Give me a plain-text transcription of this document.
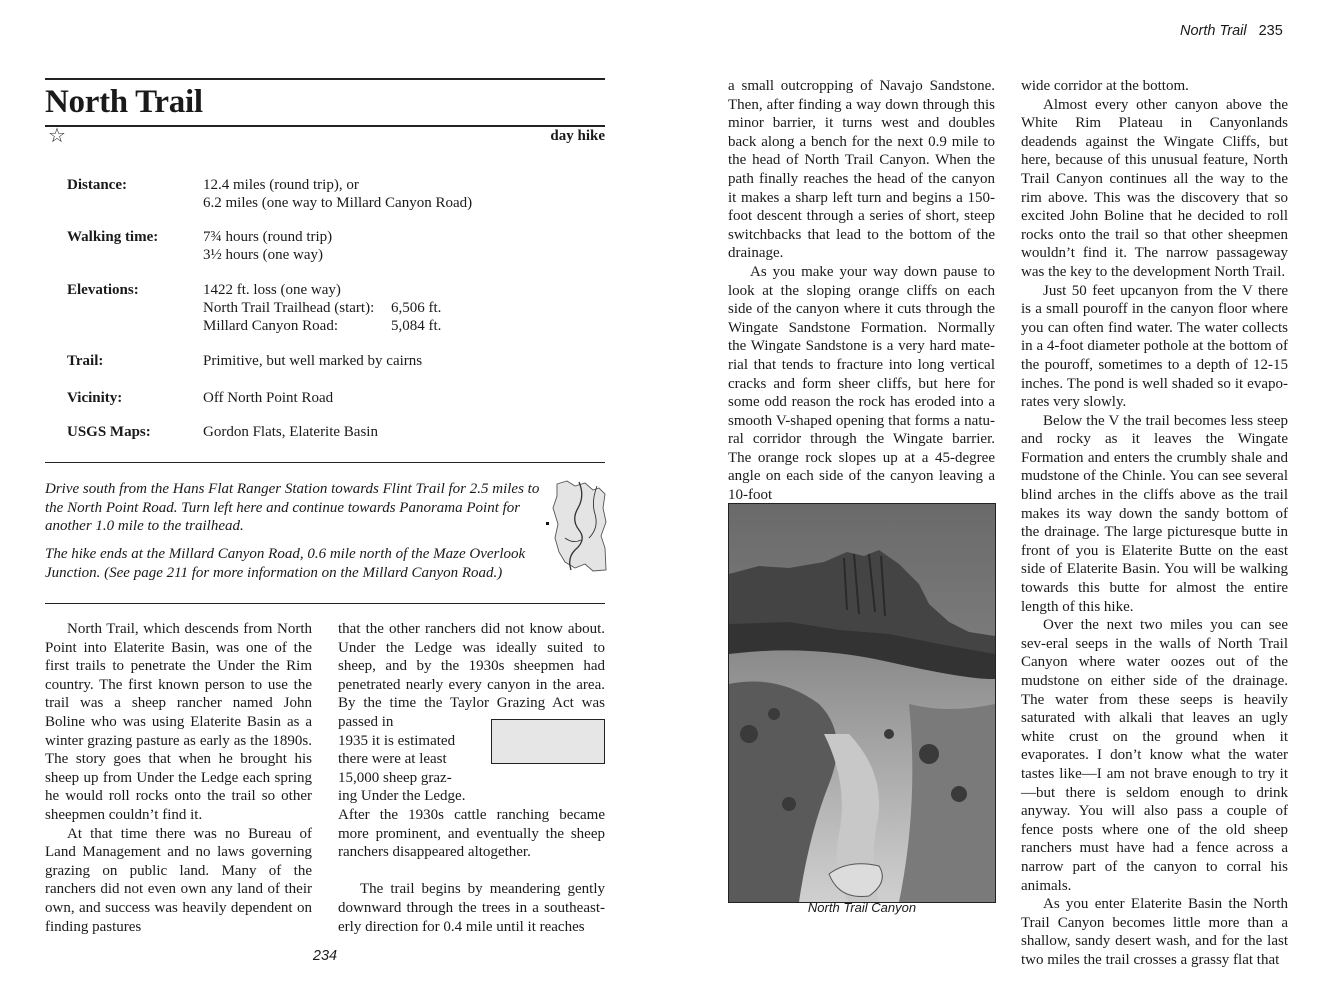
North Trail 235
North Trail
☆	day hike
Distance:	12.4 miles (round trip), or
6.2 miles (one way to Millard Canyon Road)
Walking time:	7¾ hours (round trip)
3½ hours (one way)
Elevations:	1422 ft. loss (one way)
North Trail Trailhead (start): 6,506 ft.
Millard Canyon Road:	5,084 ft.
Trail:	Primitive, but well marked by cairns
Vicinity:	Off North Point Road
USGS Maps:	Gordon Flats, Elaterite Basin
Drive south from the Hans Flat Ranger Station towards Flint Trail for 2.5 miles to the North Point Road. Turn left here and continue towards Panorama Point for another 1.0 mile to the trailhead.
The hike ends at the Millard Canyon Road, 0.6 mile north of the Maze Overlook Junction. (See page 211 for more information on the Millard Canyon Road.)

North Trail, which descends from North Point into Elaterite Basin, was one of the first trails to penetrate the Under the Rim country. The first known person to use the trail was a sheep rancher named John Boline who was using Elaterite Basin as a winter grazing pasture as early as the 1890s. The story goes that when he brought his sheep up from Under the Ledge each spring he would roll rocks onto the trail so other sheepmen couldn’t find it.

At that time there was no Bureau of Land Management and no laws governing grazing on public land. Many of the ranchers did not even own any land of their own, and success was heavily dependent on finding pastures

that the other ranchers did not know about. Under the Ledge was ideally suited to sheep, and by the 1930s sheepmen had penetrated nearly every canyon in the area. By the time the Taylor Grazing Act was passed in

1935 it is estimated
there were at least
15,000 sheep graz-
ing Under the Ledge.

After the 1930s cattle ranching became more prominent, and eventually the sheep ranchers disappeared altogether.

The trail begins by meandering gently downward through the trees in a southeast-erly direction for 0.4 mile until it reaches

a small outcropping of Navajo Sandstone. Then, after finding a way down through this minor barrier, it turns west and doubles back along a bench for the next 0.9 mile to the head of North Trail Canyon. When the path finally reaches the head of the canyon it makes a sharp left turn and begins a 150-foot descent through a series of short, steep switchbacks that lead to the bottom of the drainage.

As you make your way down pause to look at the sloping orange cliffs on each side of the canyon where it cuts through the Wingate Sandstone Formation. Normally the Wingate Sandstone is a very hard mate-rial that tends to fracture into long vertical cracks and form sheer cliffs, but here for some odd reason the rock has eroded into a smooth V-shaped opening that forms a natu-ral corridor through the Wingate barrier. The orange rock slopes up at a 45-degree angle on each side of the canyon leaving a 10-foot

North Trail Canyon

wide corridor at the bottom.

Almost every other canyon above the White Rim Plateau in Canyonlands deadends against the Wingate Cliffs, but here, because of this unusual feature, North Trail Canyon continues all the way to the rim above. This was the discovery that so excited John Boline that he decided to roll rocks onto the trail so that other sheepmen wouldn’t find it. The narrow passageway was the key to the development North Trail.

Just 50 feet upcanyon from the V there is a small pouroff in the canyon floor where you can often find water. The water collects in a 4-foot diameter pothole at the bottom of the pouroff, sometimes to a depth of 12-15 inches. The pond is well shaded so it evapo-rates very slowly.

Below the V the trail becomes less steep and rocky as it leaves the Wingate Formation and enters the crumbly shale and mudstone of the Chinle. You can see several blind arches in the cliffs above as the trail makes its way down the sandy bottom of the drainage. The large picturesque butte in front of you is Elaterite Butte on the east side of Elaterite Basin. You will be walking towards this butte for almost the entire length of this hike.

Over the next two miles you can see sev-eral seeps in the walls of North Trail Canyon where water oozes out of the mudstone on either side of the drainage. The water from these seeps is heavily saturated with alkali that leaves an ugly white crust on the ground when it evaporates. I don’t know what the water tastes like—I am not brave enough to try it—but there is seldom enough to drink anyway. You will also pass a couple of fence posts where one of the old sheep ranchers must have had a fence across a narrow part of the canyon to corral his animals.

As you enter Elaterite Basin the North Trail Canyon becomes little more than a shallow, sandy desert wash, and for the last two miles the trail crosses a grassy flat that

234
